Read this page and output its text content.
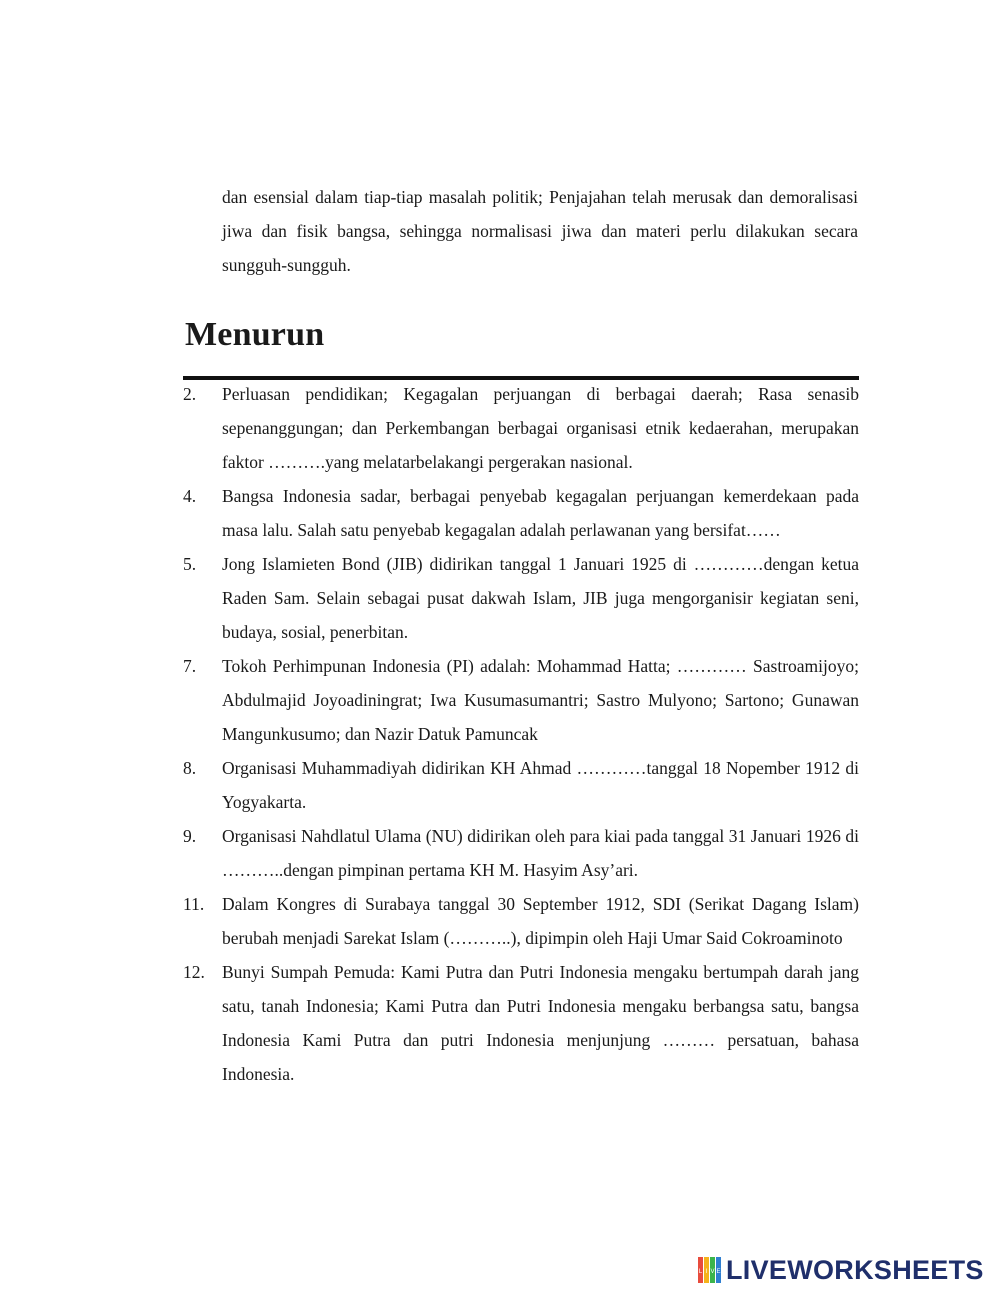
dan esensial dalam tiap-tiap masalah politik; Penjajahan telah merusak dan demoralisasi jiwa dan fisik bangsa, sehingga normalisasi jiwa dan materi perlu dilakukan secara sungguh-sungguh.

Menurun
2.	Perluasan pendidikan; Kegagalan perjuangan di berbagai daerah; Rasa senasib sepenanggungan; dan Perkembangan berbagai organisasi etnik kedaerahan, merupakan faktor ……….yang melatarbelakangi pergerakan nasional.
4.	Bangsa Indonesia sadar, berbagai penyebab kegagalan perjuangan kemerdekaan pada masa lalu. Salah satu penyebab kegagalan adalah perlawanan yang bersifat……
5.	Jong Islamieten Bond (JIB) didirikan tanggal 1 Januari 1925 di …………dengan ketua Raden Sam. Selain sebagai pusat dakwah Islam, JIB juga mengorganisir kegiatan seni, budaya, sosial, penerbitan.
7.	Tokoh Perhimpunan Indonesia (PI) adalah: Mohammad Hatta; ………… Sastroamijoyo; Abdulmajid Joyoadiningrat; Iwa Kusumasumantri; Sastro Mulyono; Sartono; Gunawan Mangunkusumo; dan Nazir Datuk Pamuncak
8.	Organisasi Muhammadiyah didirikan KH Ahmad …………tanggal 18 Nopember 1912 di Yogyakarta.
9.	Organisasi Nahdlatul Ulama (NU) didirikan oleh para kiai pada tanggal 31 Januari 1926 di ………..dengan pimpinan pertama KH M. Hasyim Asy’ari.
11.	Dalam Kongres di Surabaya tanggal 30 September 1912, SDI (Serikat Dagang Islam) berubah menjadi Sarekat Islam (………..), dipimpin oleh Haji Umar Said Cokroaminoto
12. Bunyi Sumpah Pemuda: Kami Putra dan Putri Indonesia mengaku bertumpah darah jang satu, tanah Indonesia; Kami Putra dan Putri Indonesia mengaku berbangsa satu, bangsa Indonesia Kami Putra dan putri Indonesia menjunjung ……… persatuan, bahasa Indonesia.
L I V E LIVEWORKSHEETS
